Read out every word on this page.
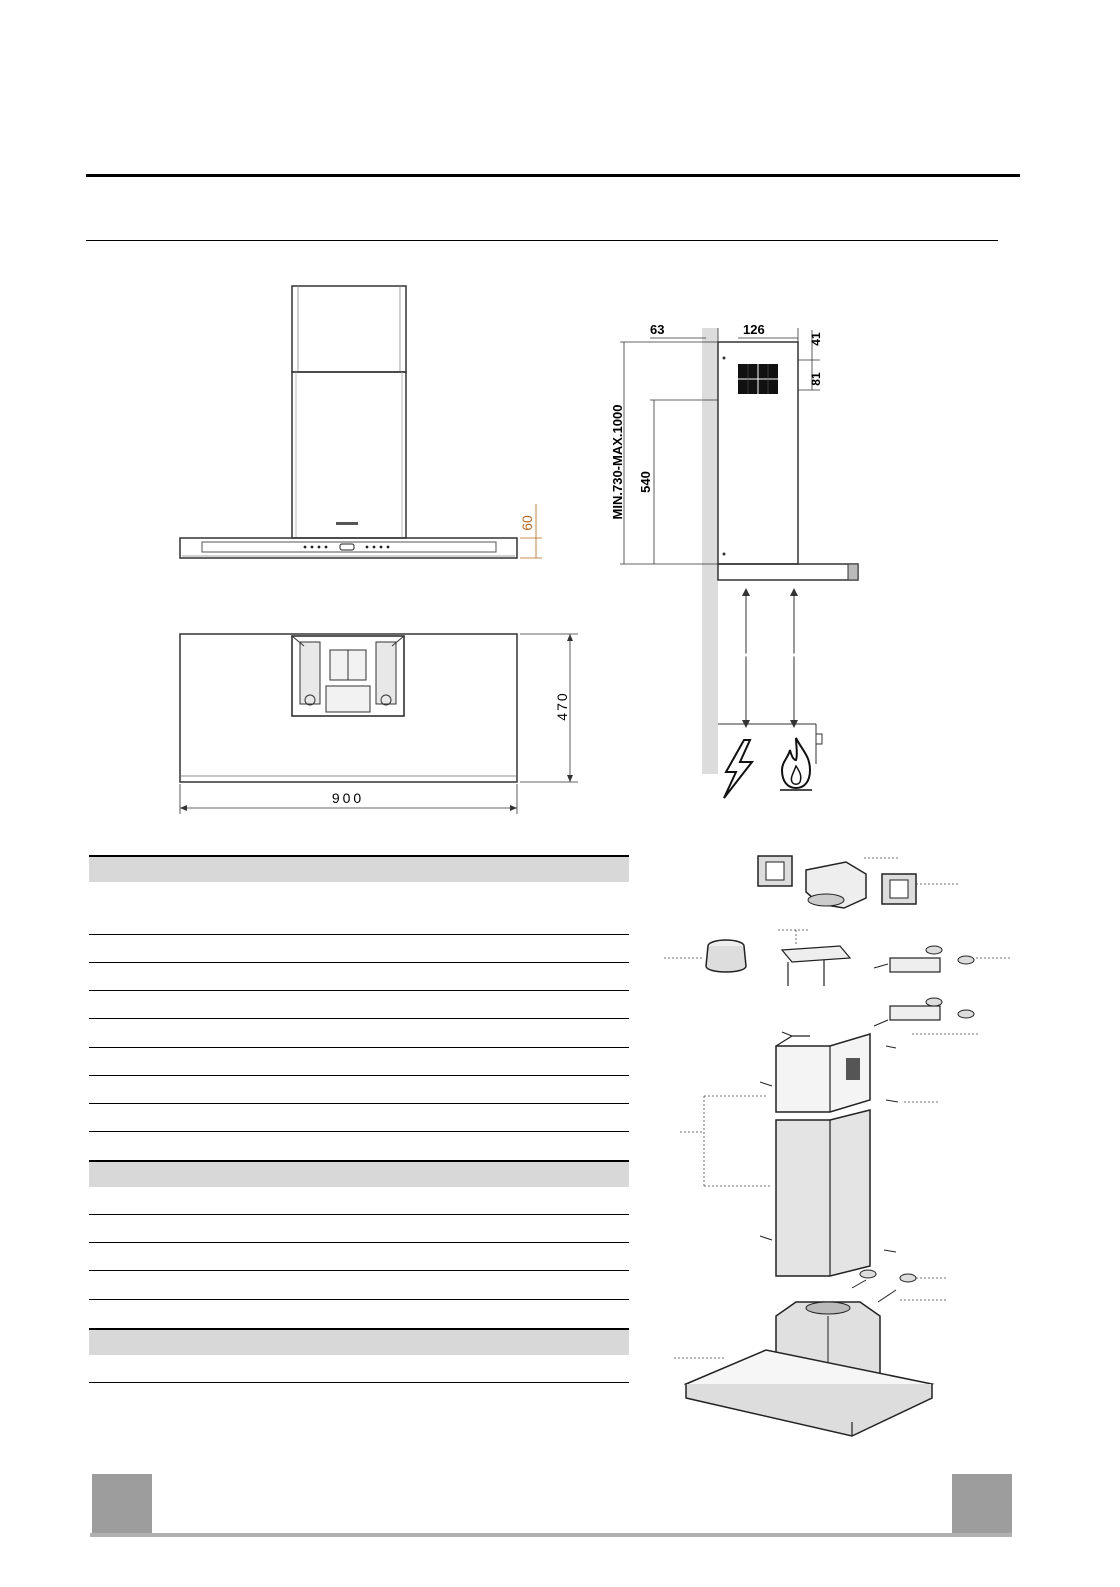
60
470
900
63	126
41
81
MIN.730-MAX.1000	540
